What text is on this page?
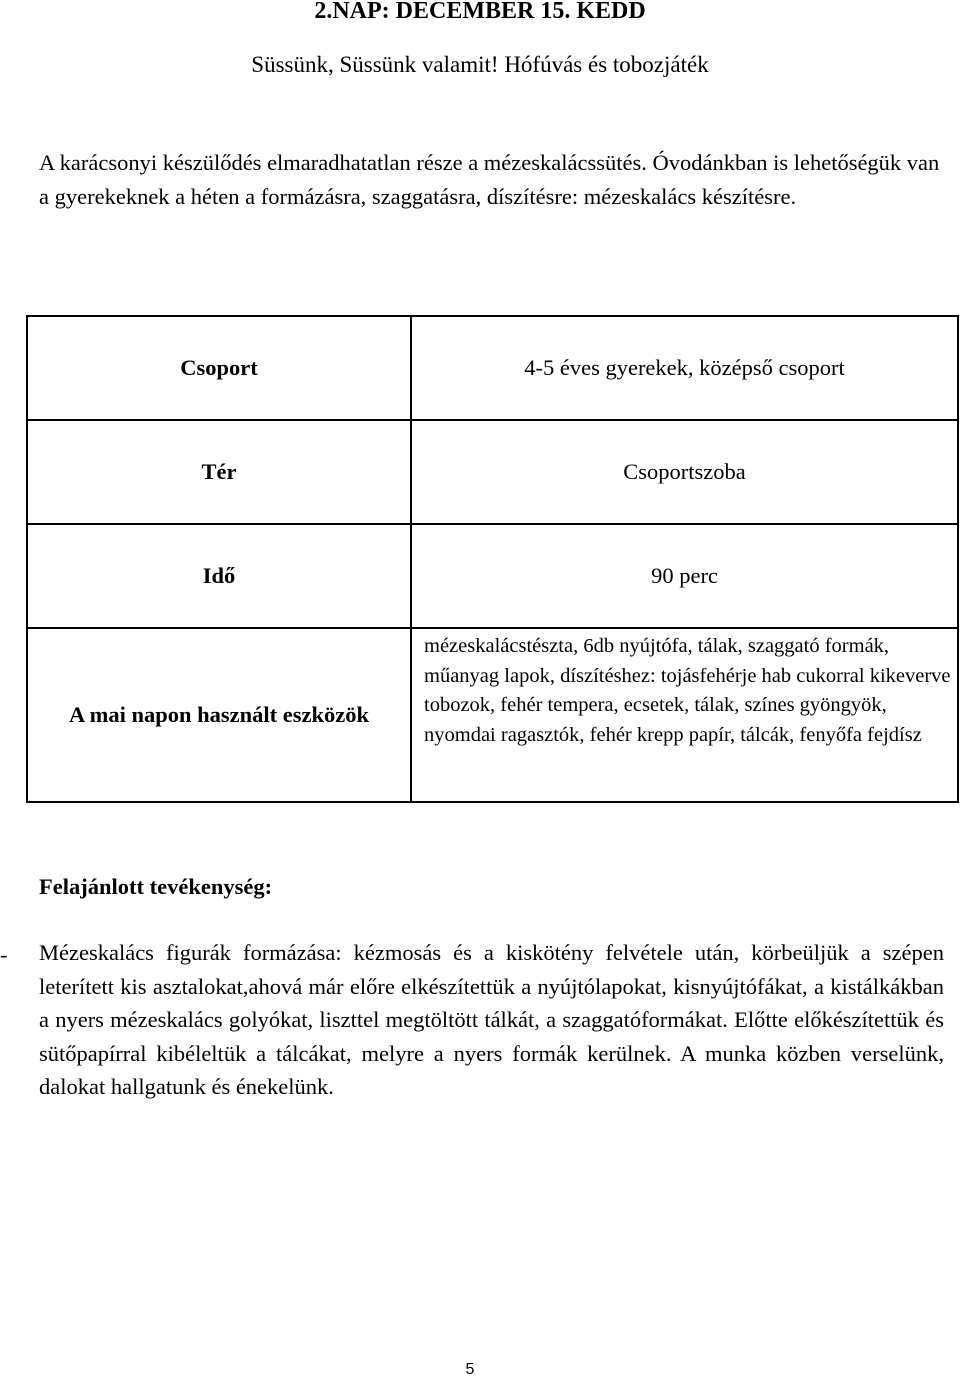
2.NAP: DECEMBER 15. KEDD
Süssünk, Süssünk valamit! Hófúvás és tobozjáték

A karácsonyi készülődés elmaradhatatlan része a mézeskalácssütés. Óvodánkban is lehetőségük van a gyerekeknek a héten a formázásra, szaggatásra, díszítésre: mézeskalács készítésre.

Csoport	4-5 éves gyerekek, középső csoport
Tér	Csoportszoba
Idő	90 perc
A mai napon használt eszközök	mézeskalácstészta, 6db nyújtófa, tálak, szaggató formák, műanyag lapok, díszítéshez: tojásfehérje hab cukorral kikeverve
tobozok, fehér tempera, ecsetek, tálak, színes gyöngyök, nyomdai ragasztók, fehér krepp papír, tálcák, fenyőfa fejdísz
Felajánlott tevékenység:
- Mézeskalács figurák formázása: kézmosás és a kiskötény felvétele után, körbeüljük a szépen leterített kis asztalokat,ahová már előre elkészítettük a nyújtólapokat, kisnyújtófákat, a kistálkákban a nyers mézeskalács golyókat, liszttel megtöltött tálkát, a szaggatóformákat. Előtte előkészítettük és sütőpapírral kibéleltük a tálcákat, melyre a nyers formák kerülnek. A munka közben verselünk, dalokat hallgatunk és énekelünk.

5
